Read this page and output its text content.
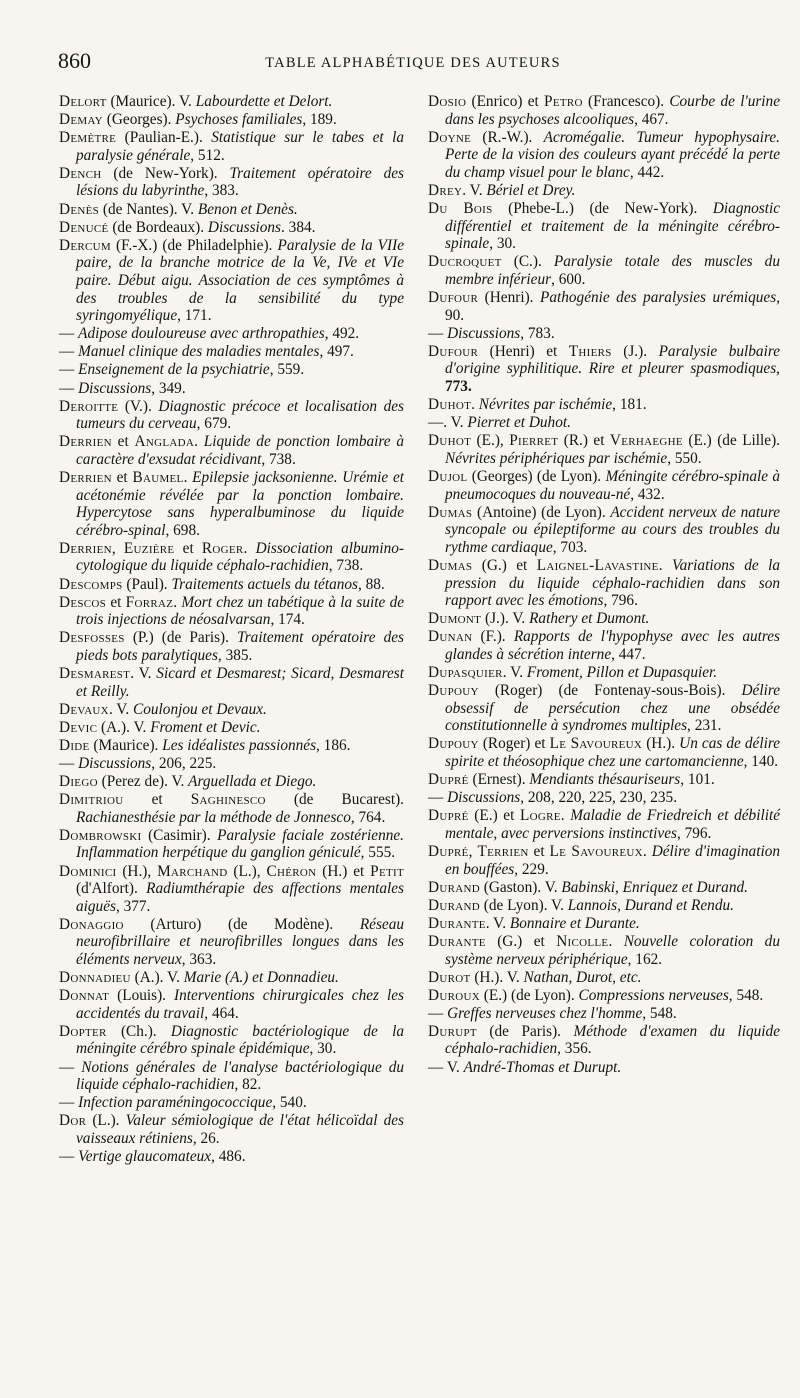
860	TABLE ALPHABÉTIQUE DES AUTEURS

Delort (Maurice). V. Labourdette et Delort.

Demay (Georges). Psychoses familiales, 189.

Demètre (Paulian-E.). Statistique sur le tabes et la paralysie générale, 512.

Dench (de New-York). Traitement opératoire des lésions du labyrinthe, 383.

Denès (de Nantes). V. Benon et Denès.

Denucé (de Bordeaux). Discussions. 384.

Dercum (F.-X.) (de Philadelphie). Paralysie de la VIIe paire, de la branche motrice de la Ve, IVe et VIe paire. Début aigu. Association de ces symptômes à des troubles de la sensibilité du type syringomyélique, 171.

— Adipose douloureuse avec arthropathies, 492.

— Manuel clinique des maladies mentales, 497.

— Enseignement de la psychiatrie, 559.

— Discussions, 349.

Deroitte (V.). Diagnostic précoce et localisation des tumeurs du cerveau, 679.

Derrien et Anglada. Liquide de ponction lombaire à caractère d'exsudat récidivant, 738.

Derrien et Baumel. Epilepsie jacksonienne. Urémie et acétonémie révélée par la ponction lombaire. Hypercytose sans hyperalbuminose du liquide cérébro-spinal, 698.

Derrien, Euzière et Roger. Dissociation albumino-cytologique du liquide céphalo-rachidien, 738.

Descomps (Paul). Traitements actuels du tétanos, 88.

Descos et Forraz. Mort chez un tabétique à la suite de trois injections de néosalvarsan, 174.

Desfosses (P.) (de Paris). Traitement opératoire des pieds bots paralytiques, 385.

Desmarest. V. Sicard et Desmarest; Sicard, Desmarest et Reilly.

Devaux. V. Coulonjou et Devaux.

Devic (A.). V. Froment et Devic.

Dide (Maurice). Les idéalistes passionnés, 186.

— Discussions, 206, 225.

Diego (Perez de). V. Arguellada et Diego.

Dimitriou et Saghinesco (de Bucarest). Rachianesthésie par la méthode de Jonnesco, 764.

Dombrowski (Casimir). Paralysie faciale zostérienne. Inflammation herpétique du ganglion géniculé, 555.

Dominici (H.), Marchand (L.), Chéron (H.) et Petit (d'Alfort). Radiumthérapie des affections mentales aiguës, 377.

Donaggio (Arturo) (de Modène). Réseau neurofibrillaire et neurofibrilles longues dans les éléments nerveux, 363.

Donnadieu (A.). V. Marie (A.) et Donnadieu.

Donnat (Louis). Interventions chirurgicales chez les accidentés du travail, 464.

Dopter (Ch.). Diagnostic bactériologique de la méningite cérébro spinale épidémique, 30.

— Notions générales de l'analyse bactériologique du liquide céphalo-rachidien, 82.

— Infection paraméningococcique, 540.

Dor (L.). Valeur sémiologique de l'état hélicoïdal des vaisseaux rétiniens, 26.

— Vertige glaucomateux, 486.

Dosio (Enrico) et Petro (Francesco). Courbe de l'urine dans les psychoses alcooliques, 467.

Doyne (R.-W.). Acromégalie. Tumeur hypophysaire. Perte de la vision des couleurs ayant précédé la perte du champ visuel pour le blanc, 442.

Drey. V. Bériel et Drey.

Du Bois (Phebe-L.) (de New-York). Diagnostic différentiel et traitement de la méningite cérébro-spinale, 30.

Ducroquet (C.). Paralysie totale des muscles du membre inférieur, 600.

Dufour (Henri). Pathogénie des paralysies urémiques, 90.

— Discussions, 783.

Dufour (Henri) et Thiers (J.). Paralysie bulbaire d'origine syphilitique. Rire et pleurer spasmodiques, 773.

Duhot. Névrites par ischémie, 181.

—. V. Pierret et Duhot.

Duhot (E.), Pierret (R.) et Verhaeghe (E.) (de Lille). Névrites périphériques par ischémie, 550.

Dujol (Georges) (de Lyon). Méningite cérébro-spinale à pneumocoques du nouveau-né, 432.

Dumas (Antoine) (de Lyon). Accident nerveux de nature syncopale ou épileptiforme au cours des troubles du rythme cardiaque, 703.

Dumas (G.) et Laignel-Lavastine. Variations de la pression du liquide céphalo-rachidien dans son rapport avec les émotions, 796.

Dumont (J.). V. Rathery et Dumont.

Dunan (F.). Rapports de l'hypophyse avec les autres glandes à sécrétion interne, 447.

Dupasquier. V. Froment, Pillon et Dupasquier.

Dupouy (Roger) (de Fontenay-sous-Bois). Délire obsessif de persécution chez une obsédée constitutionnelle à syndromes multiples, 231.

Dupouy (Roger) et Le Savoureux (H.). Un cas de délire spirite et théosophique chez une cartomancienne, 140.

Dupré (Ernest). Mendiants thésauriseurs, 101.

— Discussions, 208, 220, 225, 230, 235.

Dupré (E.) et Logre. Maladie de Friedreich et débilité mentale, avec perversions instinctives, 796.

Dupré, Terrien et Le Savoureux. Délire d'imagination en bouffées, 229.

Durand (Gaston). V. Babinski, Enriquez et Durand.

Durand (de Lyon). V. Lannois, Durand et Rendu.

Durante. V. Bonnaire et Durante.

Durante (G.) et Nicolle. Nouvelle coloration du système nerveux périphérique, 162.

Durot (H.). V. Nathan, Durot, etc.

Duroux (E.) (de Lyon). Compressions nerveuses, 548.

— Greffes nerveuses chez l'homme, 548.

Durupt (de Paris). Méthode d'examen du liquide céphalo-rachidien, 356.

— V. André-Thomas et Durupt.
